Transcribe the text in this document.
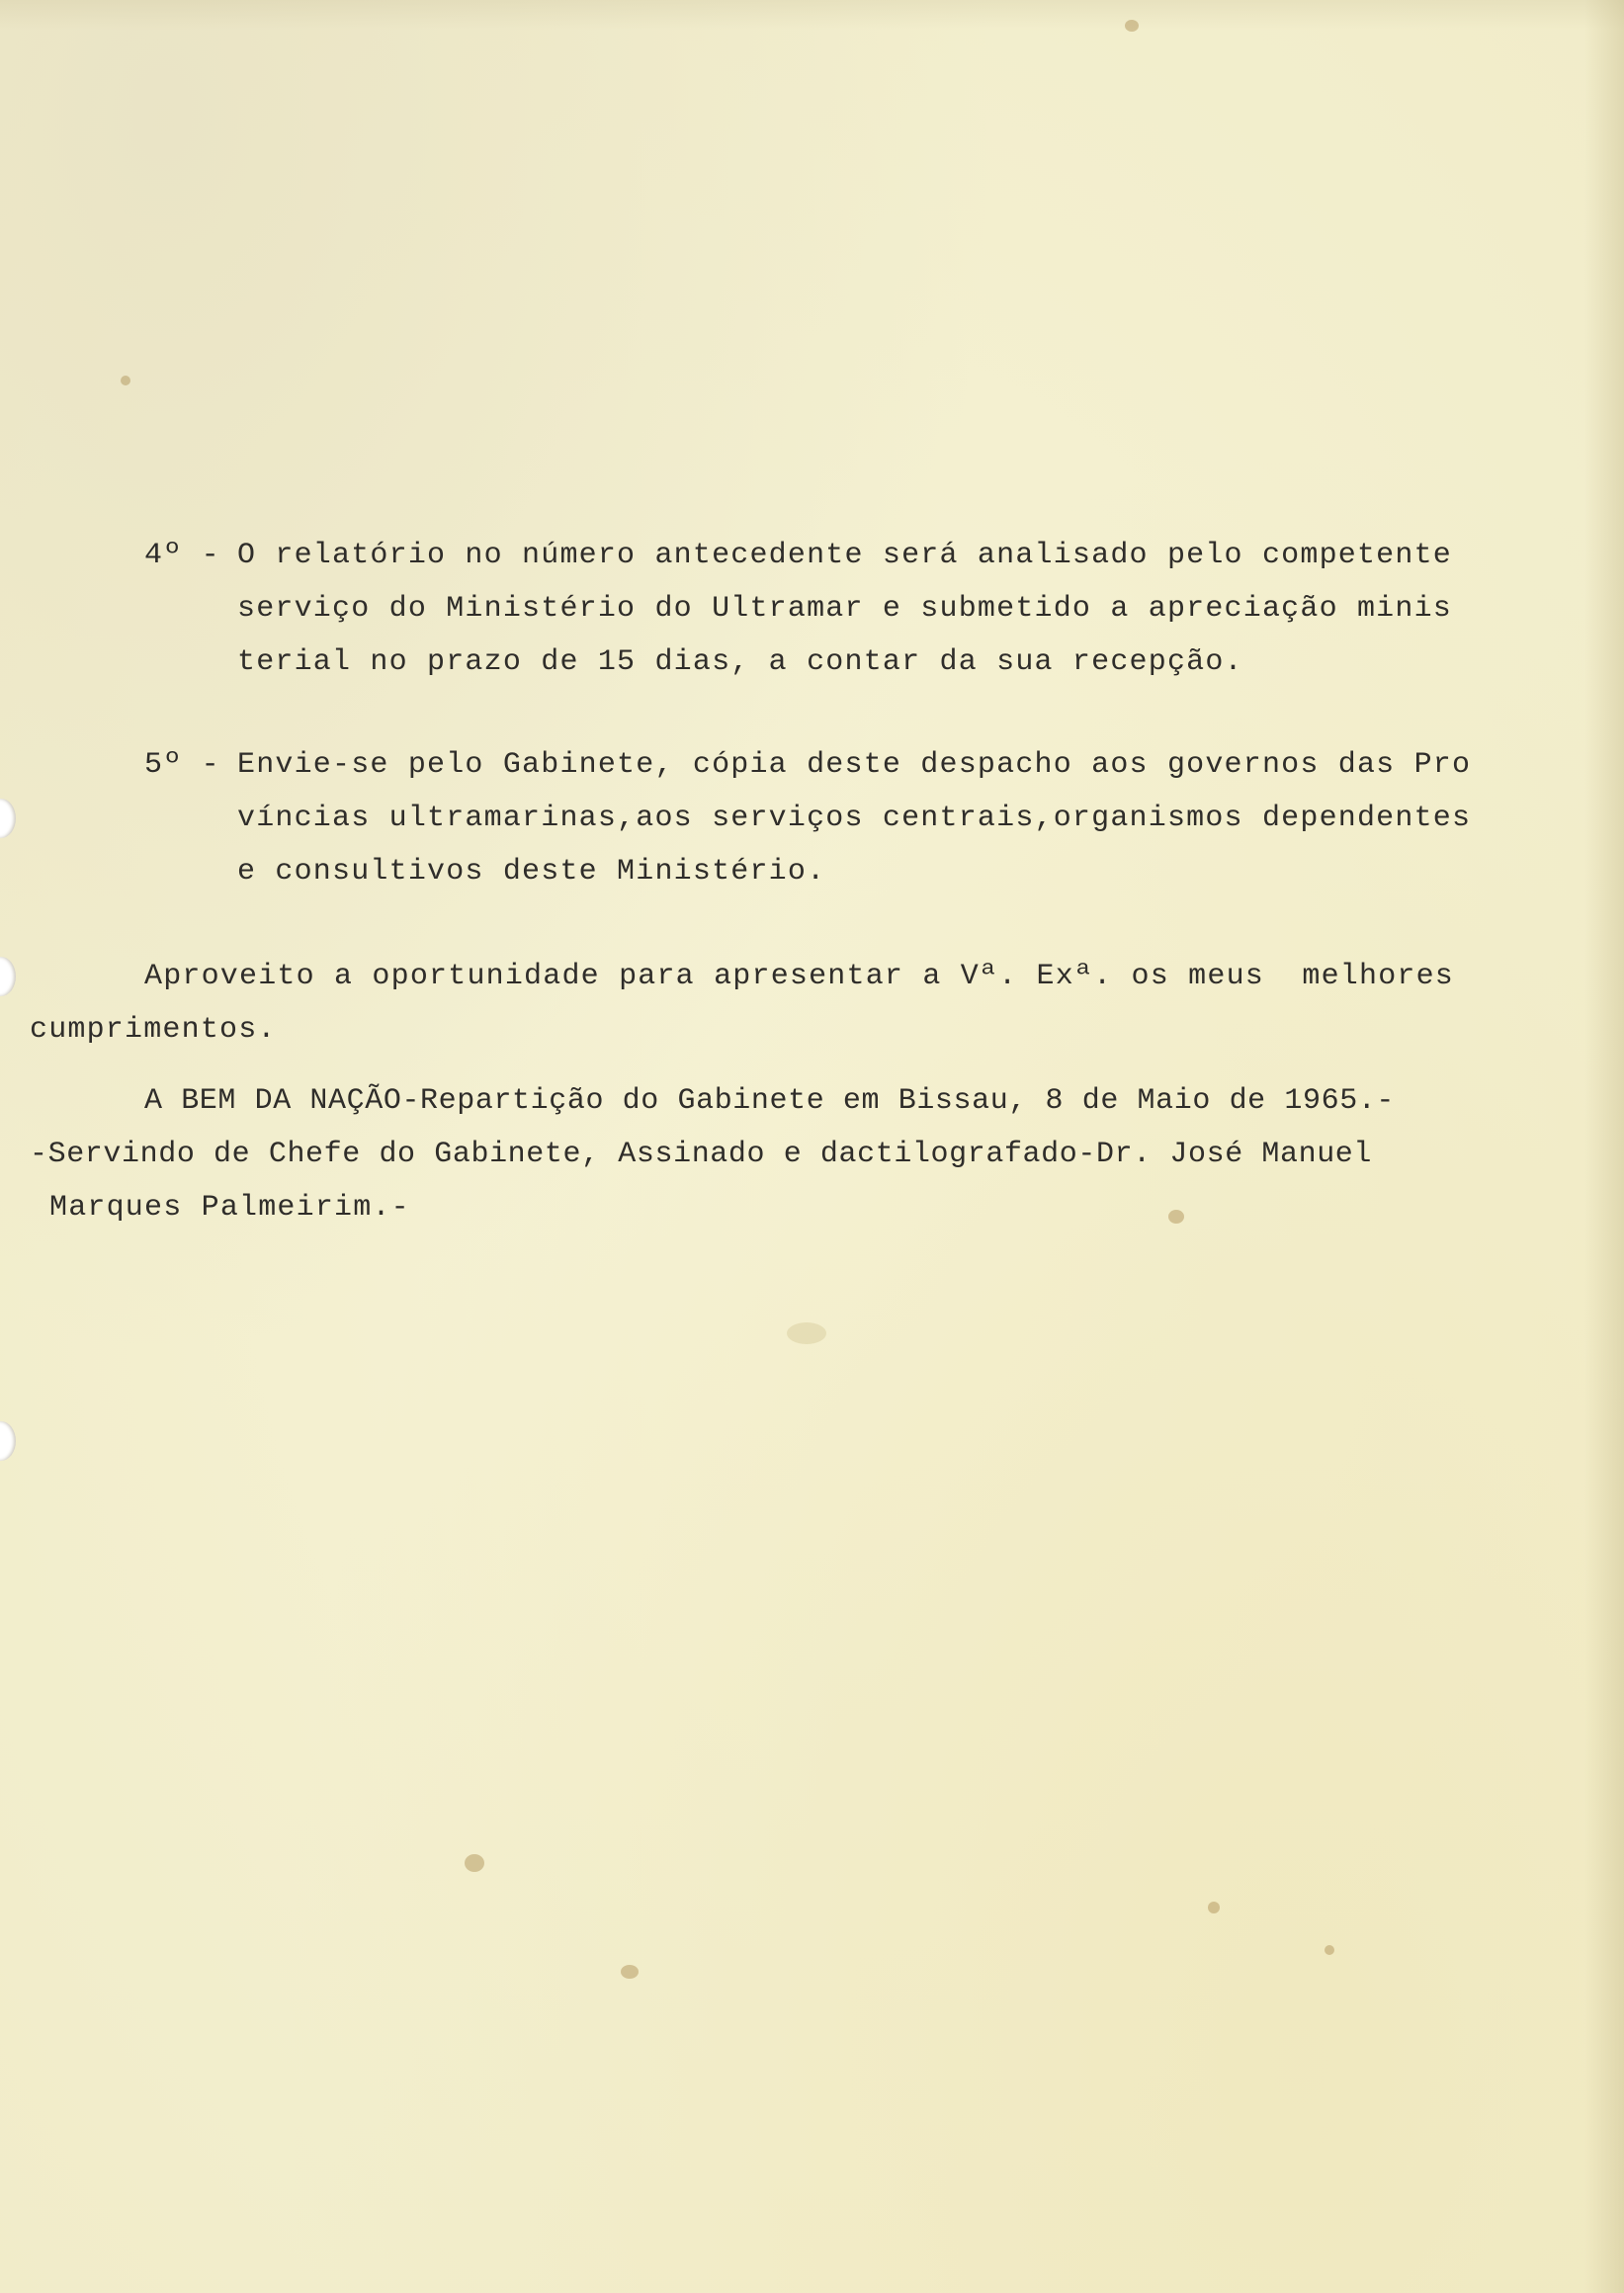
4º - O relatório no número antecedente será analisado pelo competente
serviço do Ministério do Ultramar e submetido a apreciação minis
terial no prazo de 15 dias, a contar da sua recepção.
5º - Envie-se pelo Gabinete, cópia deste despacho aos governos das Pro
víncias ultramarinas,aos serviços centrais,organismos dependentes
e consultivos deste Ministério.
Aproveito a oportunidade para apresentar a Vª. Exª. os meus  melhores
cumprimentos.
A BEM DA NAÇÃO-Repartição do Gabinete em Bissau, 8 de Maio de 1965.-
-Servindo de Chefe do Gabinete, Assinado e dactilografado-Dr. José Manuel
Marques Palmeirim.-
